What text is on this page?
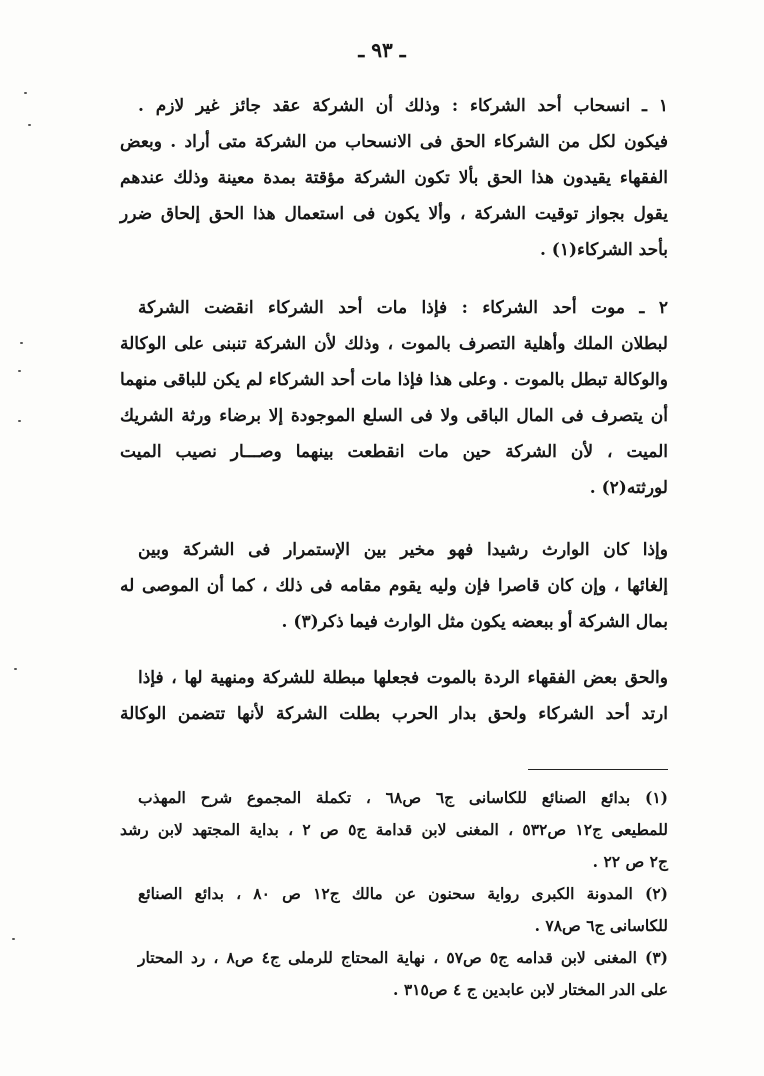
ـ ٩٣ ـ
١ ـ انسحاب أحد الشركاء : وذلك أن الشركة عقد جائز غير لازم .
فيكون لكل من الشركاء الحق فى الانسحاب من الشركة متى أراد . وبعض
الفقهاء يقيدون هذا الحق بألا تكون الشركة مؤقتة بمدة معينة وذلك عندهم
يقول بجواز توقيت الشركة ، وألا يكون فى استعمال هذا الحق إلحاق ضرر
بأحد الشركاء(١) .
٢ ـ موت أحد الشركاء : فإذا مات أحد الشركاء انقضت الشركة
لبطلان الملك وأهلية التصرف بالموت ، وذلك لأن الشركة تنبنى على الوكالة
والوكالة تبطل بالموت . وعلى هذا فإذا مات أحد الشركاء لم يكن للباقى منهما
أن يتصرف فى المال الباقى ولا فى السلع الموجودة إلا برضاء ورثة الشريك
الميت ، لأن الشركة حين مات انقطعت بينهما وصـــار نصيب الميت
لورثته(٢) .
وإذا كان الوارث رشيدا فهو مخير بين الإستمرار فى الشركة وبين
إلغائها ، وإن كان قاصرا فإن وليه يقوم مقامه فى ذلك ، كما أن الموصى له
بمال الشركة أو ببعضه يكون مثل الوارث فيما ذكر(٣) .
والحق بعض الفقهاء الردة بالموت فجعلها مبطلة للشركة ومنهية لها ، فإذا
ارتد أحد الشركاء ولحق بدار الحرب بطلت الشركة لأنها تتضمن الوكالة
(١) بدائع الصنائع للكاسانى ج٦ ص٦٨ ، تكملة المجموع شرح المهذب
للمطيعى ج١٢ ص٥٣٢ ، المغنى لابن قدامة ج٥ ص ٢ ، بداية المجتهد لابن رشد
ج٢ ص ٢٢ .
(٢) المدونة الكبرى رواية سحنون عن مالك ج١٢ ص ٨٠ ، بدائع الصنائع
للكاسانى ج٦ ص٧٨ .
(٣) المغنى لابن قدامه ج٥ ص٥٧ ، نهاية المحتاج للرملى ج٤ ص٨ ، رد المحتار
على الدر المختار لابن عابدين ج ٤ ص٣١٥ .
